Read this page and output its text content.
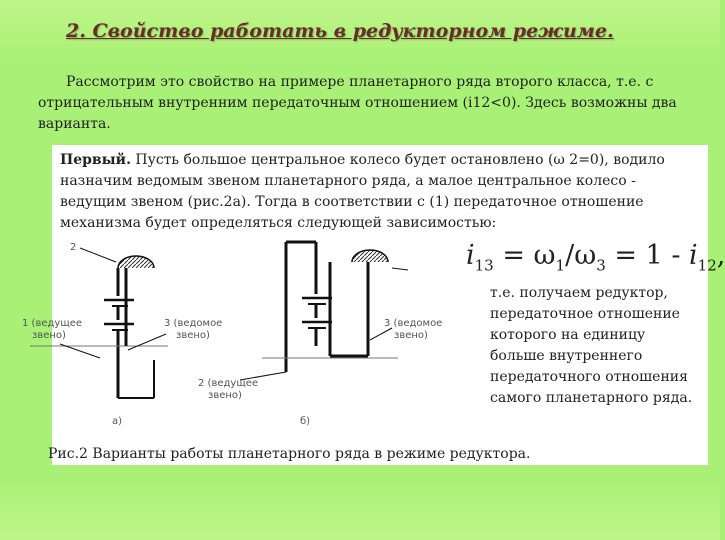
2. Свойство работать в редукторном режиме.
Рассмотрим это свойство на примере планетарного ряда второго класса, т.е. с отрицательным внутренним передаточным отношением (i12<0). Здесь возможны два варианта.
Первый. Пусть большое центральное колесо будет остановлено (ω 2=0), водило назначим ведомым звеном планетарного ряда, а малое центральное колесо - ведущим звеном (рис.2а). Тогда в соответствии с (1) передаточное отношение механизма будет определяться следующей зависимостью:
$i_{13} = \omega_1/\omega_3 = 1 - i_{12}$,
т.е. получаем редуктор, передаточное отношение которого на единицу больше внутреннего передаточного отношения самого планетарного ряда.
2
1 (ведущее
звено)
3 (ведомое
звено)
а)
3 (ведомое
звено)
2 (ведущее
звено)
б)
Рис.2 Варианты работы планетарного ряда в режиме редуктора.
